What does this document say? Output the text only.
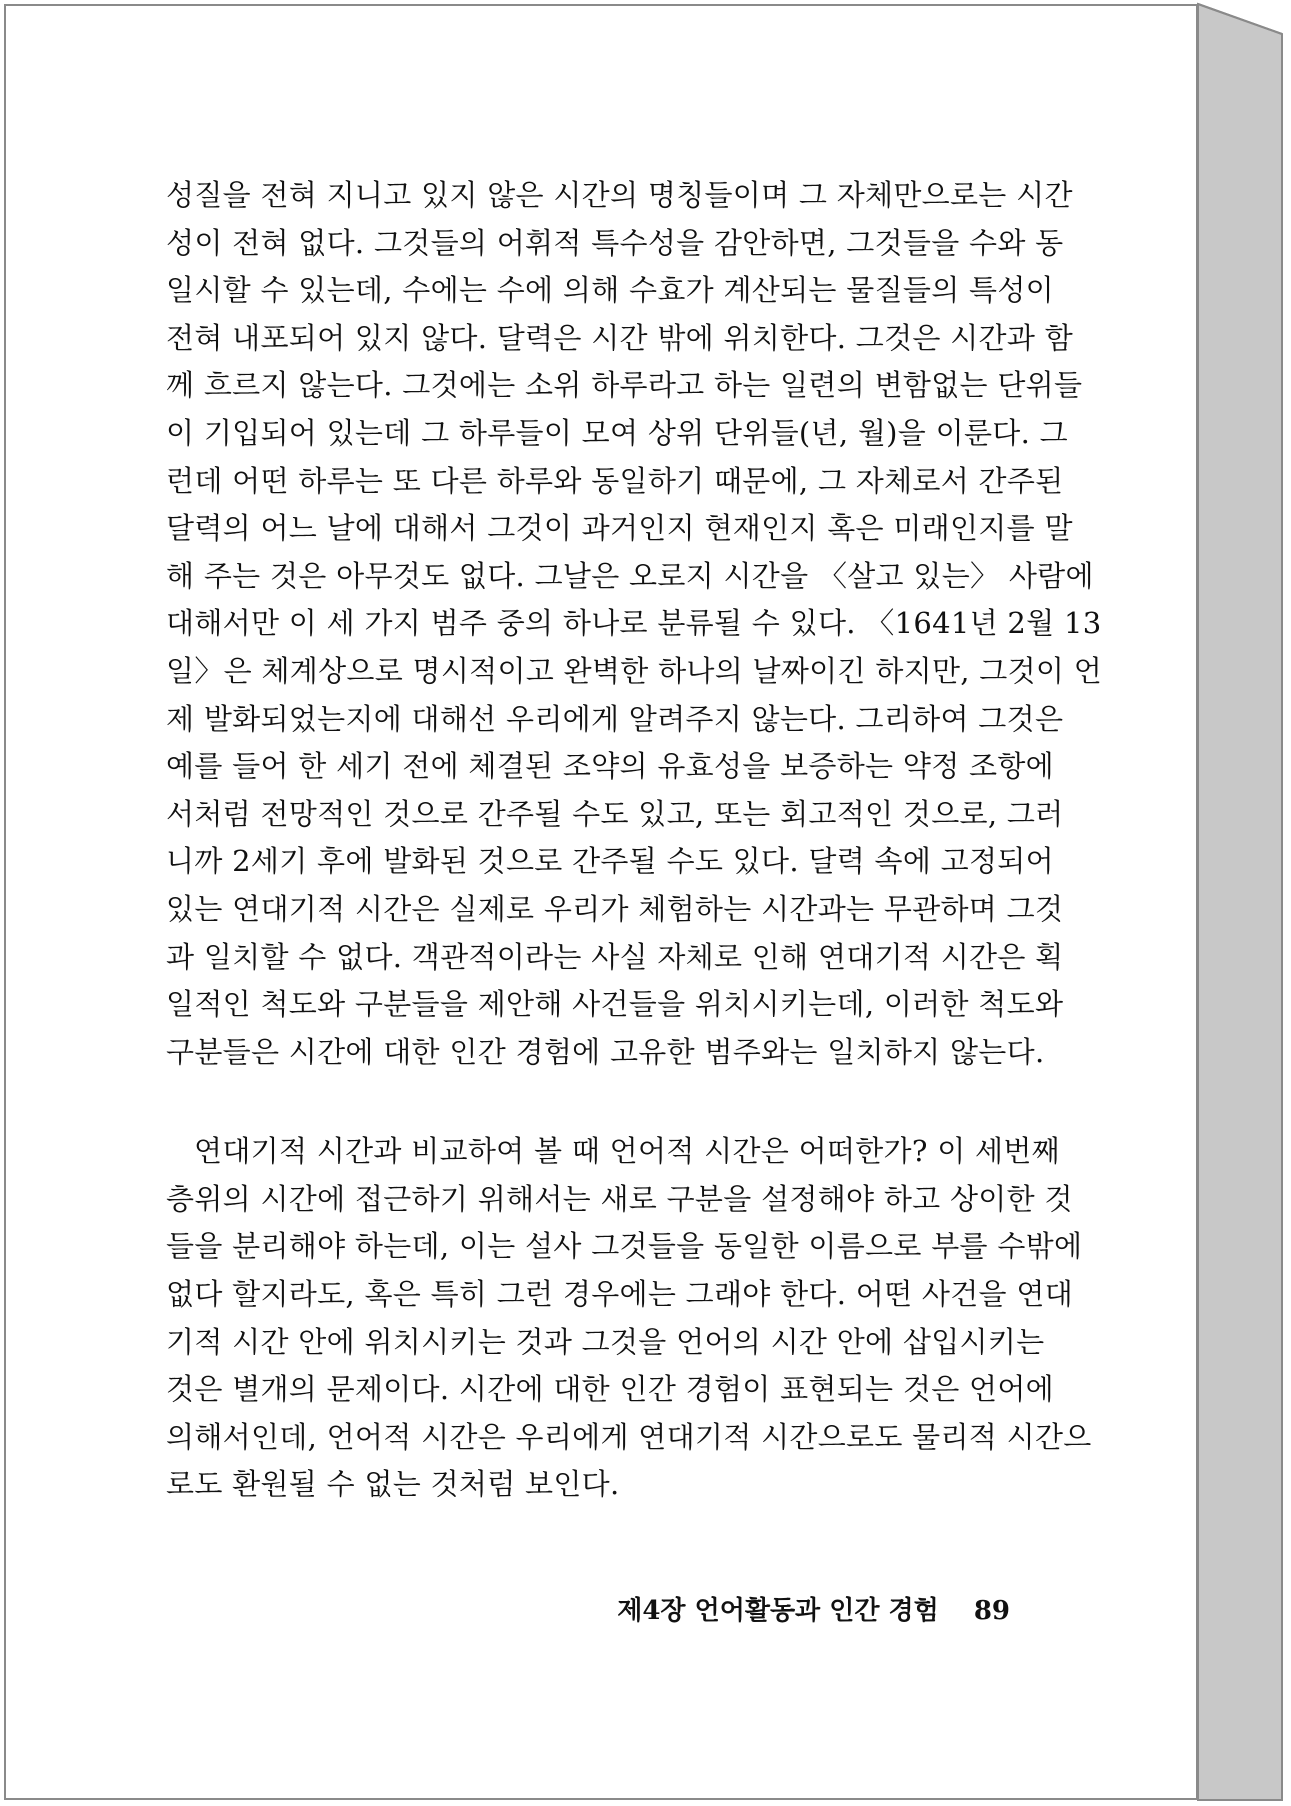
성질을 전혀 지니고 있지 않은 시간의 명칭들이며 그 자체만으로는 시간
성이 전혀 없다. 그것들의 어휘적 특수성을 감안하면, 그것들을 수와 동
일시할 수 있는데, 수에는 수에 의해 수효가 계산되는 물질들의 특성이
전혀 내포되어 있지 않다. 달력은 시간 밖에 위치한다. 그것은 시간과 함
께 흐르지 않는다. 그것에는 소위 하루라고 하는 일련의 변함없는 단위들
이 기입되어 있는데 그 하루들이 모여 상위 단위들(년, 월)을 이룬다. 그
런데 어떤 하루는 또 다른 하루와 동일하기 때문에, 그 자체로서 간주된
달력의 어느 날에 대해서 그것이 과거인지 현재인지 혹은 미래인지를 말
해 주는 것은 아무것도 없다. 그날은 오로지 시간을 〈살고 있는〉 사람에
대해서만 이 세 가지 범주 중의 하나로 분류될 수 있다. 〈1641년 2월 13
일〉은 체계상으로 명시적이고 완벽한 하나의 날짜이긴 하지만, 그것이 언
제 발화되었는지에 대해선 우리에게 알려주지 않는다. 그리하여 그것은
예를 들어 한 세기 전에 체결된 조약의 유효성을 보증하는 약정 조항에
서처럼 전망적인 것으로 간주될 수도 있고, 또는 회고적인 것으로, 그러
니까 2세기 후에 발화된 것으로 간주될 수도 있다. 달력 속에 고정되어
있는 연대기적 시간은 실제로 우리가 체험하는 시간과는 무관하며 그것
과 일치할 수 없다. 객관적이라는 사실 자체로 인해 연대기적 시간은 획
일적인 척도와 구분들을 제안해 사건들을 위치시키는데, 이러한 척도와
구분들은 시간에 대한 인간 경험에 고유한 범주와는 일치하지 않는다.
연대기적 시간과 비교하여 볼 때 언어적 시간은 어떠한가? 이 세번째
층위의 시간에 접근하기 위해서는 새로 구분을 설정해야 하고 상이한 것
들을 분리해야 하는데, 이는 설사 그것들을 동일한 이름으로 부를 수밖에
없다 할지라도, 혹은 특히 그런 경우에는 그래야 한다. 어떤 사건을 연대
기적 시간 안에 위치시키는 것과 그것을 언어의 시간 안에 삽입시키는
것은 별개의 문제이다. 시간에 대한 인간 경험이 표현되는 것은 언어에
의해서인데, 언어적 시간은 우리에게 연대기적 시간으로도 물리적 시간으
로도 환원될 수 없는 것처럼 보인다.
제4장 언어활동과 인간 경험 89
